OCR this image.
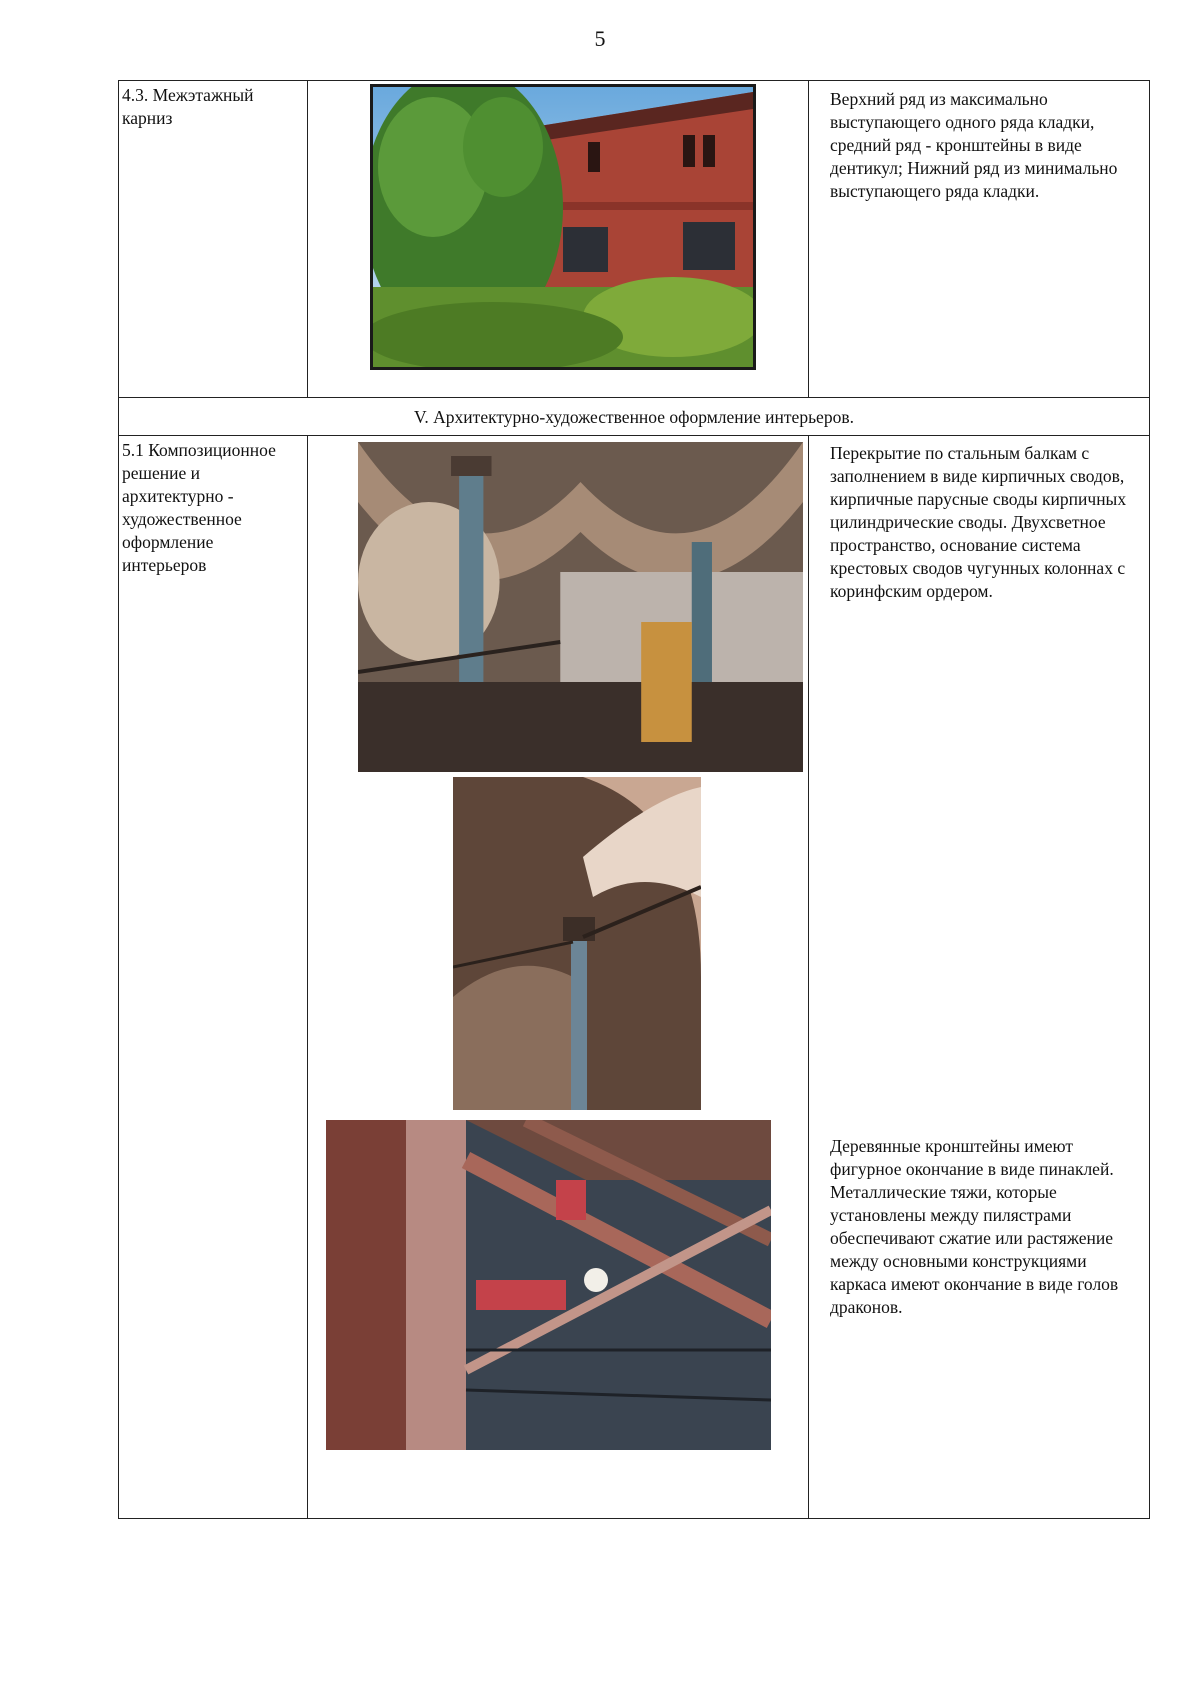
5
4.3. Межэтажный карниз
Верхний ряд из максимально выступающего одного ряда кладки, средний ряд - кронштейны в виде дентикул; Нижний ряд из минимально выступающего ряда кладки.
V. Архитектурно-художественное оформление интерьеров.
5.1 Композиционное решение и архитектурно - художественное оформление интерьеров
Перекрытие по стальным балкам с заполнением в виде кирпичных сводов, кирпичные парусные своды кирпичных цилиндрические своды. Двухсветное пространство, основание система крестовых сводов чугунных колоннах с коринфским ордером.
Деревянные кронштейны имеют фигурное окончание в виде пинаклей. Металлические тяжи, которые установлены между пилястрами обеспечивают сжатие или растяжение между основными конструкциями каркаса имеют окончание в виде голов драконов.
